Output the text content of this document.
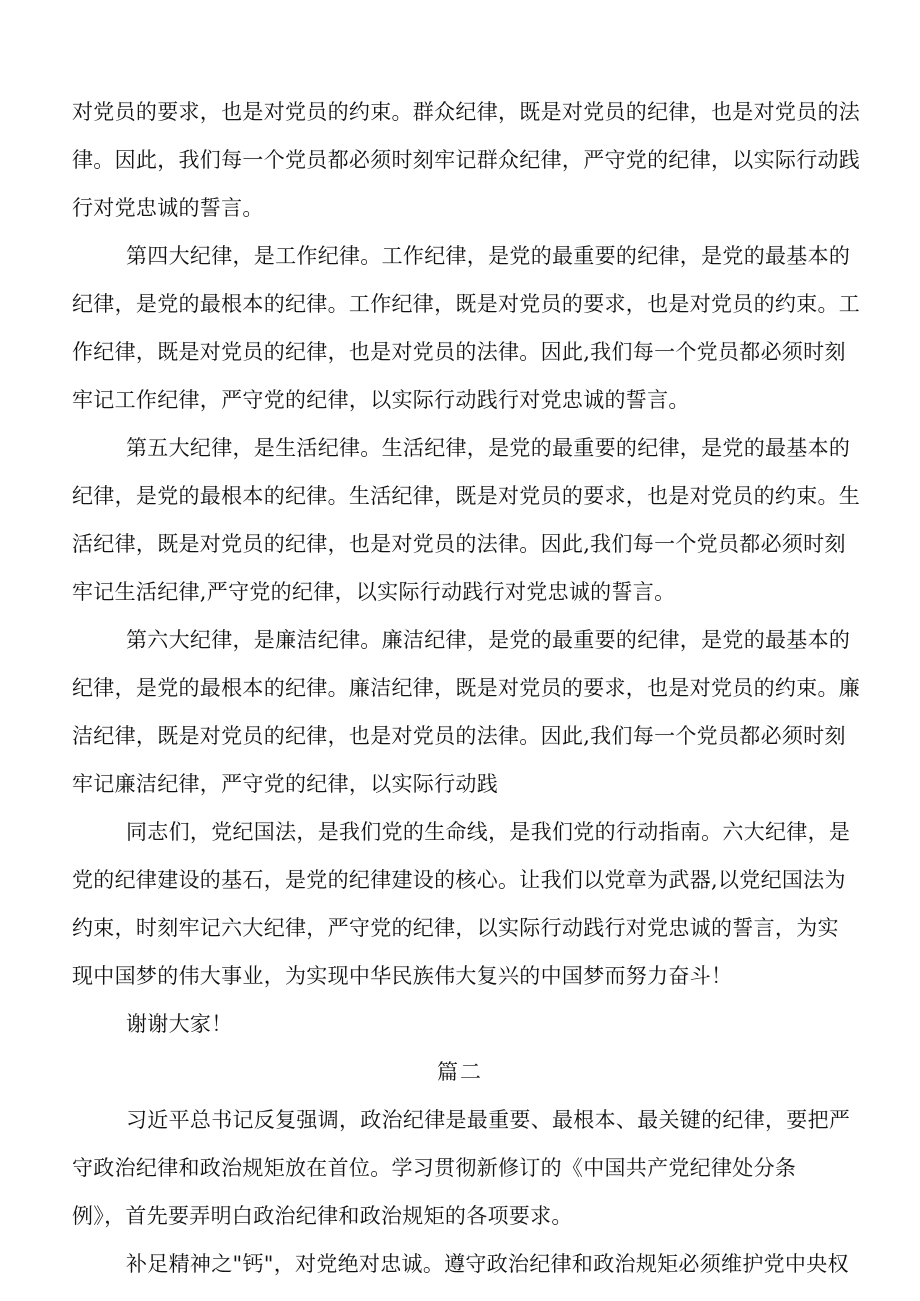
对党员的要求，也是对党员的约束。群众纪律，既是对党员的纪律，也是对党员的法
律。因此，我们每一个党员都必须时刻牢记群众纪律，严守党的纪律，以实际行动践
行对党忠诚的誓言。
第四大纪律，是工作纪律。工作纪律，是党的最重要的纪律，是党的最基本的
纪律，是党的最根本的纪律。工作纪律，既是对党员的要求，也是对党员的约束。工
作纪律，既是对党员的纪律，也是对党员的法律。因此,我们每一个党员都必须时刻
牢记工作纪律，严守党的纪律，以实际行动践行对党忠诚的誓言。
第五大纪律，是生活纪律。生活纪律，是党的最重要的纪律，是党的最基本的
纪律，是党的最根本的纪律。生活纪律，既是对党员的要求，也是对党员的约束。生
活纪律，既是对党员的纪律，也是对党员的法律。因此,我们每一个党员都必须时刻
牢记生活纪律,严守党的纪律，以实际行动践行对党忠诚的誓言。
第六大纪律，是廉洁纪律。廉洁纪律，是党的最重要的纪律，是党的最基本的
纪律，是党的最根本的纪律。廉洁纪律，既是对党员的要求，也是对党员的约束。廉
洁纪律，既是对党员的纪律，也是对党员的法律。因此,我们每一个党员都必须时刻
牢记廉洁纪律，严守党的纪律，以实际行动践
同志们，党纪国法，是我们党的生命线，是我们党的行动指南。六大纪律，是
党的纪律建设的基石，是党的纪律建设的核心。让我们以党章为武器,以党纪国法为
约束，时刻牢记六大纪律，严守党的纪律，以实际行动践行对党忠诚的誓言，为实
现中国梦的伟大事业，为实现中华民族伟大复兴的中国梦而努力奋斗！
谢谢大家！
篇二
习近平总书记反复强调，政治纪律是最重要、最根本、最关键的纪律，要把严
守政治纪律和政治规矩放在首位。学习贯彻新修订的《中国共产党纪律处分条
例》，首先要弄明白政治纪律和政治规矩的各项要求。
补足精神之"钙"，对党绝对忠诚。遵守政治纪律和政治规矩必须维护党中央权
